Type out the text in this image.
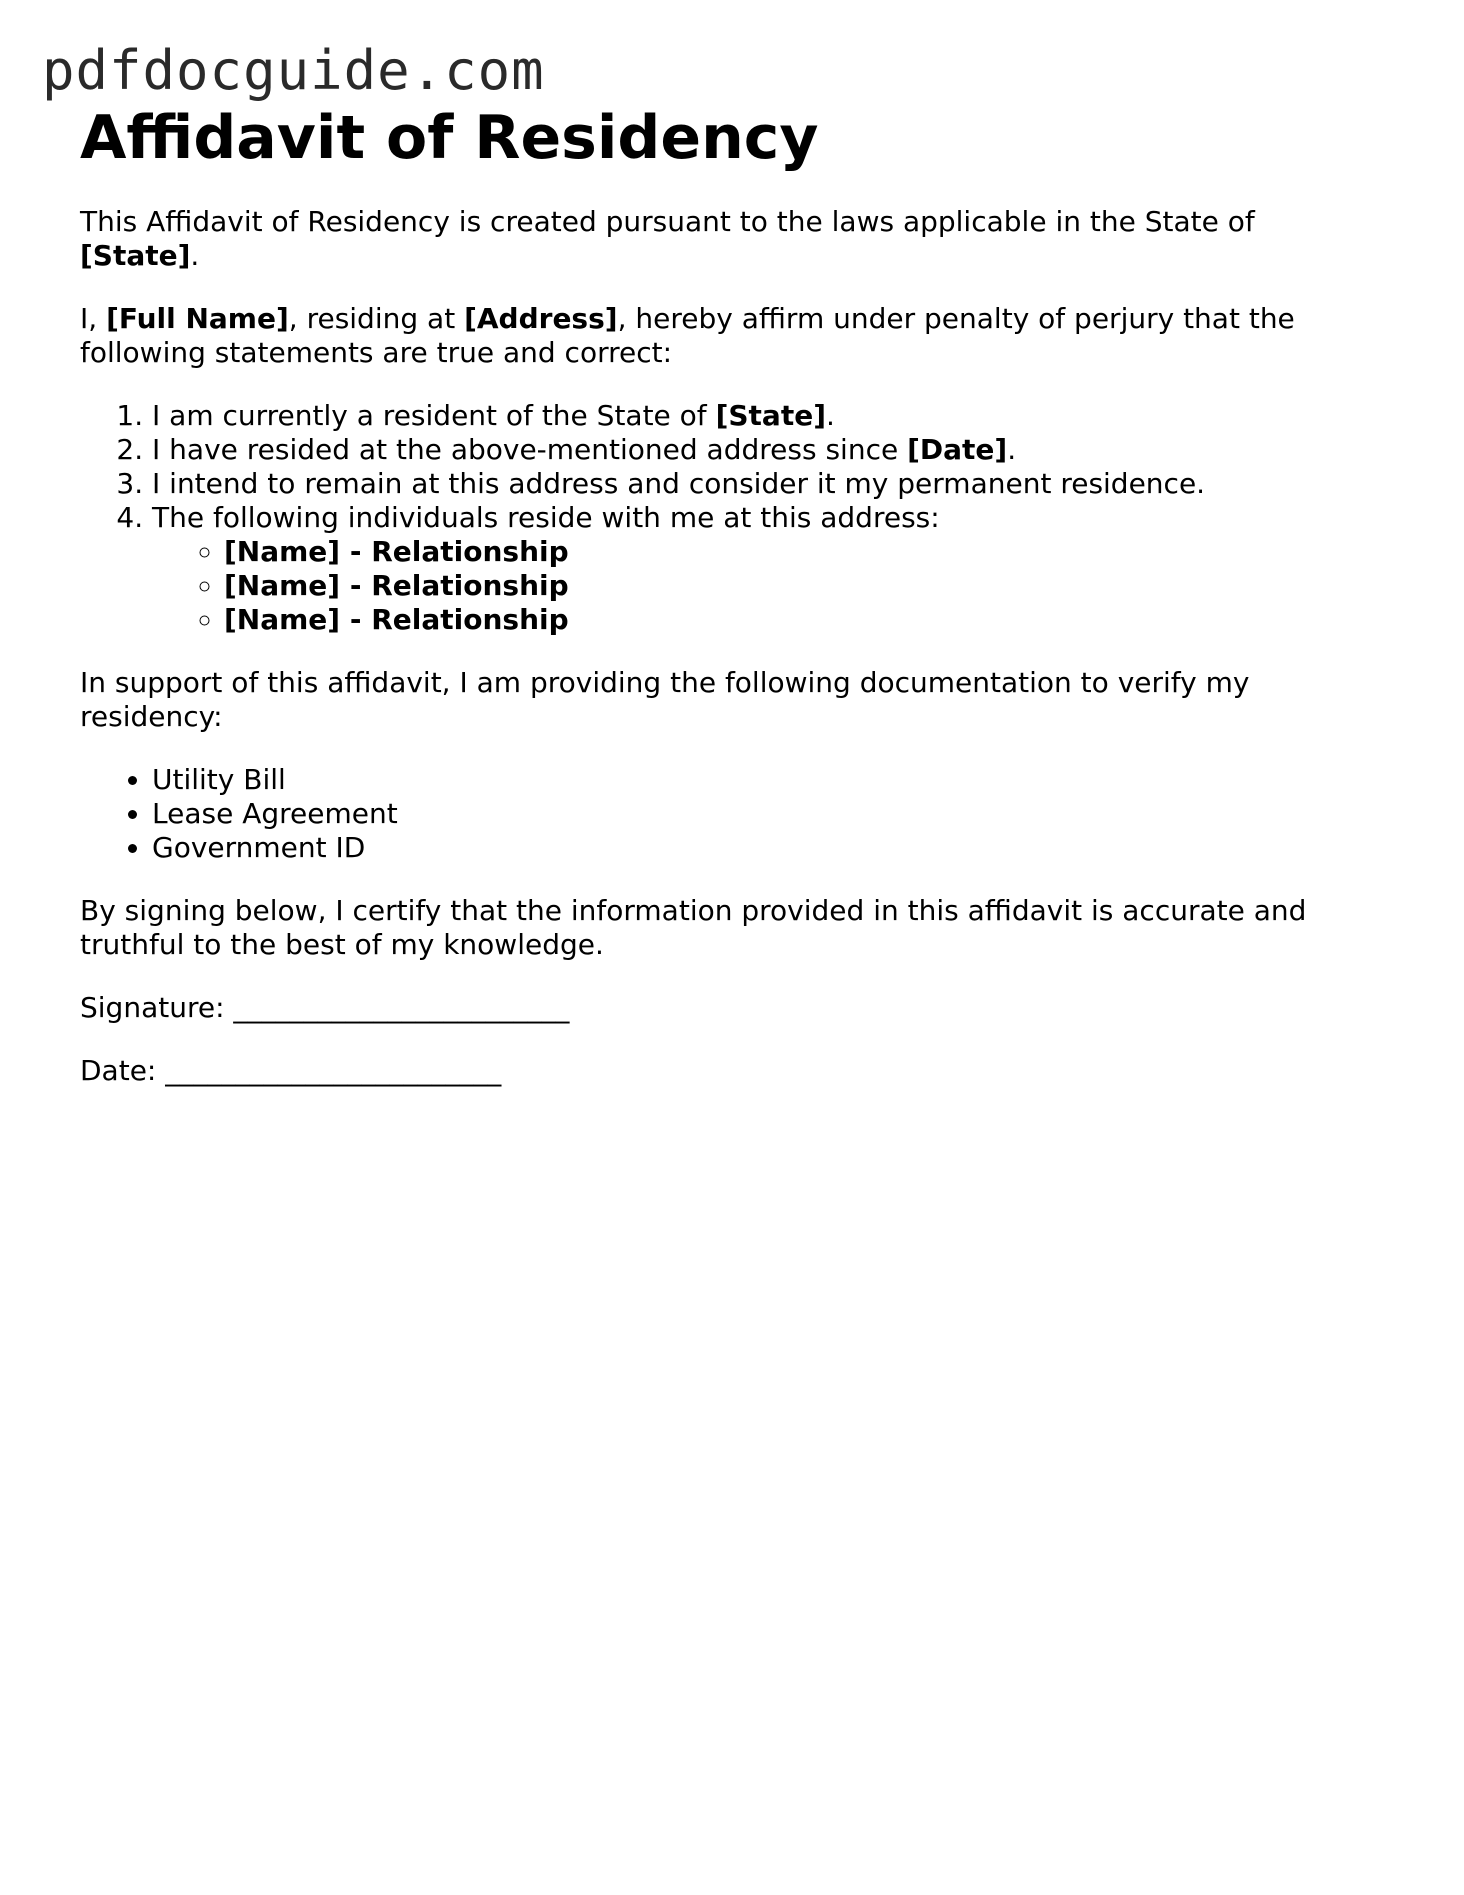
pdfdocguide.com
Affidavit of Residency

This Affidavit of Residency is created pursuant to the laws applicable in the State of [State].

I, [Full Name], residing at [Address], hereby affirm under penalty of perjury that the following statements are true and correct:

1. I am currently a resident of the State of [State].
2. I have resided at the above-mentioned address since [Date].
3. I intend to remain at this address and consider it my permanent residence.
4. The following individuals reside with me at this address:
◦ [Name] - Relationship
◦ [Name] - Relationship
◦ [Name] - Relationship

In support of this affidavit, I am providing the following documentation to verify my residency:

• Utility Bill
• Lease Agreement
• Government ID

By signing below, I certify that the information provided in this affidavit is accurate and truthful to the best of my knowledge.

Signature: ________________________
Date: ________________________
